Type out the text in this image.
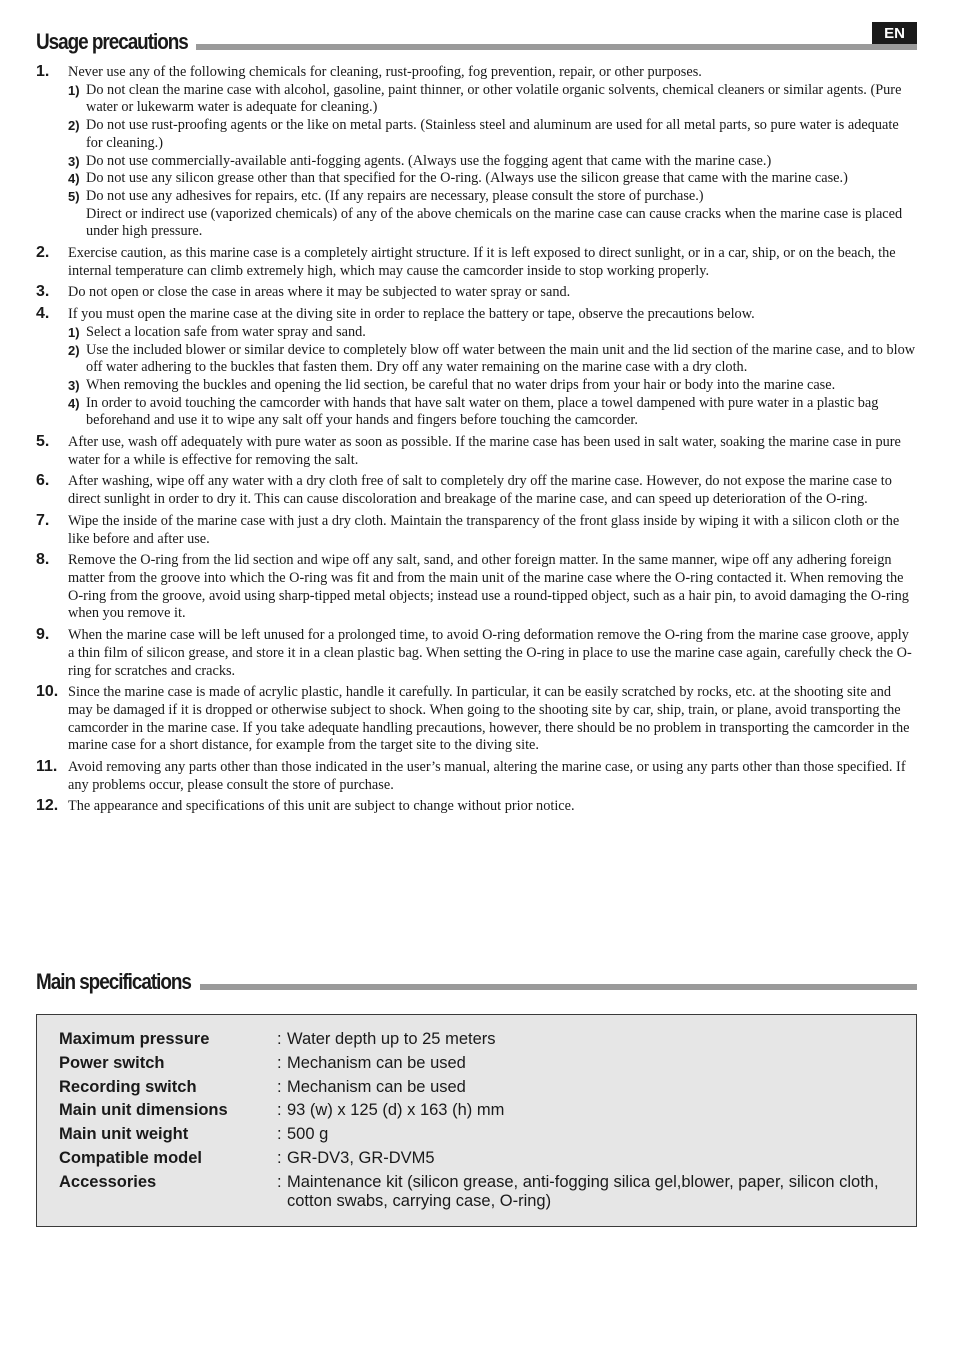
EN
Usage precautions
1. Never use any of the following chemicals for cleaning, rust-proofing, fog prevention, repair, or other purposes.
1) Do not clean the marine case with alcohol, gasoline, paint thinner, or other volatile organic solvents, chemical cleaners or similar agents. (Pure water or lukewarm water is adequate for cleaning.)
2) Do not use rust-proofing agents or the like on metal parts. (Stainless steel and aluminum are used for all metal parts, so pure water is adequate for cleaning.)
3) Do not use commercially-available anti-fogging agents. (Always use the fogging agent that came with the marine case.)
4) Do not use any silicon grease other than that specified for the O-ring. (Always use the silicon grease that came with the marine case.)
5) Do not use any adhesives for repairs, etc. (If any repairs are necessary, please consult the store of purchase.)
Direct or indirect use (vaporized chemicals) of any of the above chemicals on the marine case can cause cracks when the marine case is placed under high pressure.
2. Exercise caution, as this marine case is a completely airtight structure. If it is left exposed to direct sunlight, or in a car, ship, or on the beach, the internal temperature can climb extremely high, which may cause the camcorder inside to stop working properly.
3. Do not open or close the case in areas where it may be subjected to water spray or sand.
4. If you must open the marine case at the diving site in order to replace the battery or tape, observe the precautions below.
1) Select a location safe from water spray and sand.
2) Use the included blower or similar device to completely blow off water between the main unit and the lid section of the marine case, and to blow off water adhering to the buckles that fasten them. Dry off any water remaining on the marine case with a dry cloth.
3) When removing the buckles and opening the lid section, be careful that no water drips from your hair or body into the marine case.
4) In order to avoid touching the camcorder with hands that have salt water on them, place a towel dampened with pure water in a plastic bag beforehand and use it to wipe any salt off your hands and fingers before touching the camcorder.
5. After use, wash off adequately with pure water as soon as possible. If the marine case has been used in salt water, soaking the marine case in pure water for a while is effective for removing the salt.
6. After washing, wipe off any water with a dry cloth free of salt to completely dry off the marine case. However, do not expose the marine case to direct sunlight in order to dry it. This can cause discoloration and breakage of the marine case, and can speed up deterioration of the O-ring.
7. Wipe the inside of the marine case with just a dry cloth. Maintain the transparency of the front glass inside by wiping it with a silicon cloth or the like before and after use.
8. Remove the O-ring from the lid section and wipe off any salt, sand, and other foreign matter. In the same manner, wipe off any adhering foreign matter from the groove into which the O-ring was fit and from the main unit of the marine case where the O-ring contacted it. When removing the O-ring from the groove, avoid using sharp-tipped metal objects; instead use a round-tipped object, such as a hair pin, to avoid damaging the O-ring when you remove it.
9. When the marine case will be left unused for a prolonged time, to avoid O-ring deformation remove the O-ring from the marine case groove, apply a thin film of silicon grease, and store it in a clean plastic bag. When setting the O-ring in place to use the marine case again, carefully check the O-ring for scratches and cracks.
10. Since the marine case is made of acrylic plastic, handle it carefully. In particular, it can be easily scratched by rocks, etc. at the shooting site and may be damaged if it is dropped or otherwise subject to shock. When going to the shooting site by car, ship, train, or plane, avoid transporting the camcorder in the marine case. If you take adequate handling precautions, however, there should be no problem in transporting the camcorder in the marine case for a short distance, for example from the target site to the diving site.
11. Avoid removing any parts other than those indicated in the user’s manual, altering the marine case, or using any parts other than those specified. If any problems occur, please consult the store of purchase.
12. The appearance and specifications of this unit are subject to change without prior notice.
Main specifications
Maximum pressure	: Water depth up to 25 meters
Power switch	: Mechanism can be used
Recording switch	: Mechanism can be used
Main unit dimensions	: 93 (w) x 125 (d) x 163 (h) mm
Main unit weight	: 500 g
Compatible model	: GR-DV3, GR-DVM5
Accessories	: Maintenance kit (silicon grease, anti-fogging silica gel,blower, paper, silicon cloth, cotton swabs, carrying case, O-ring)
